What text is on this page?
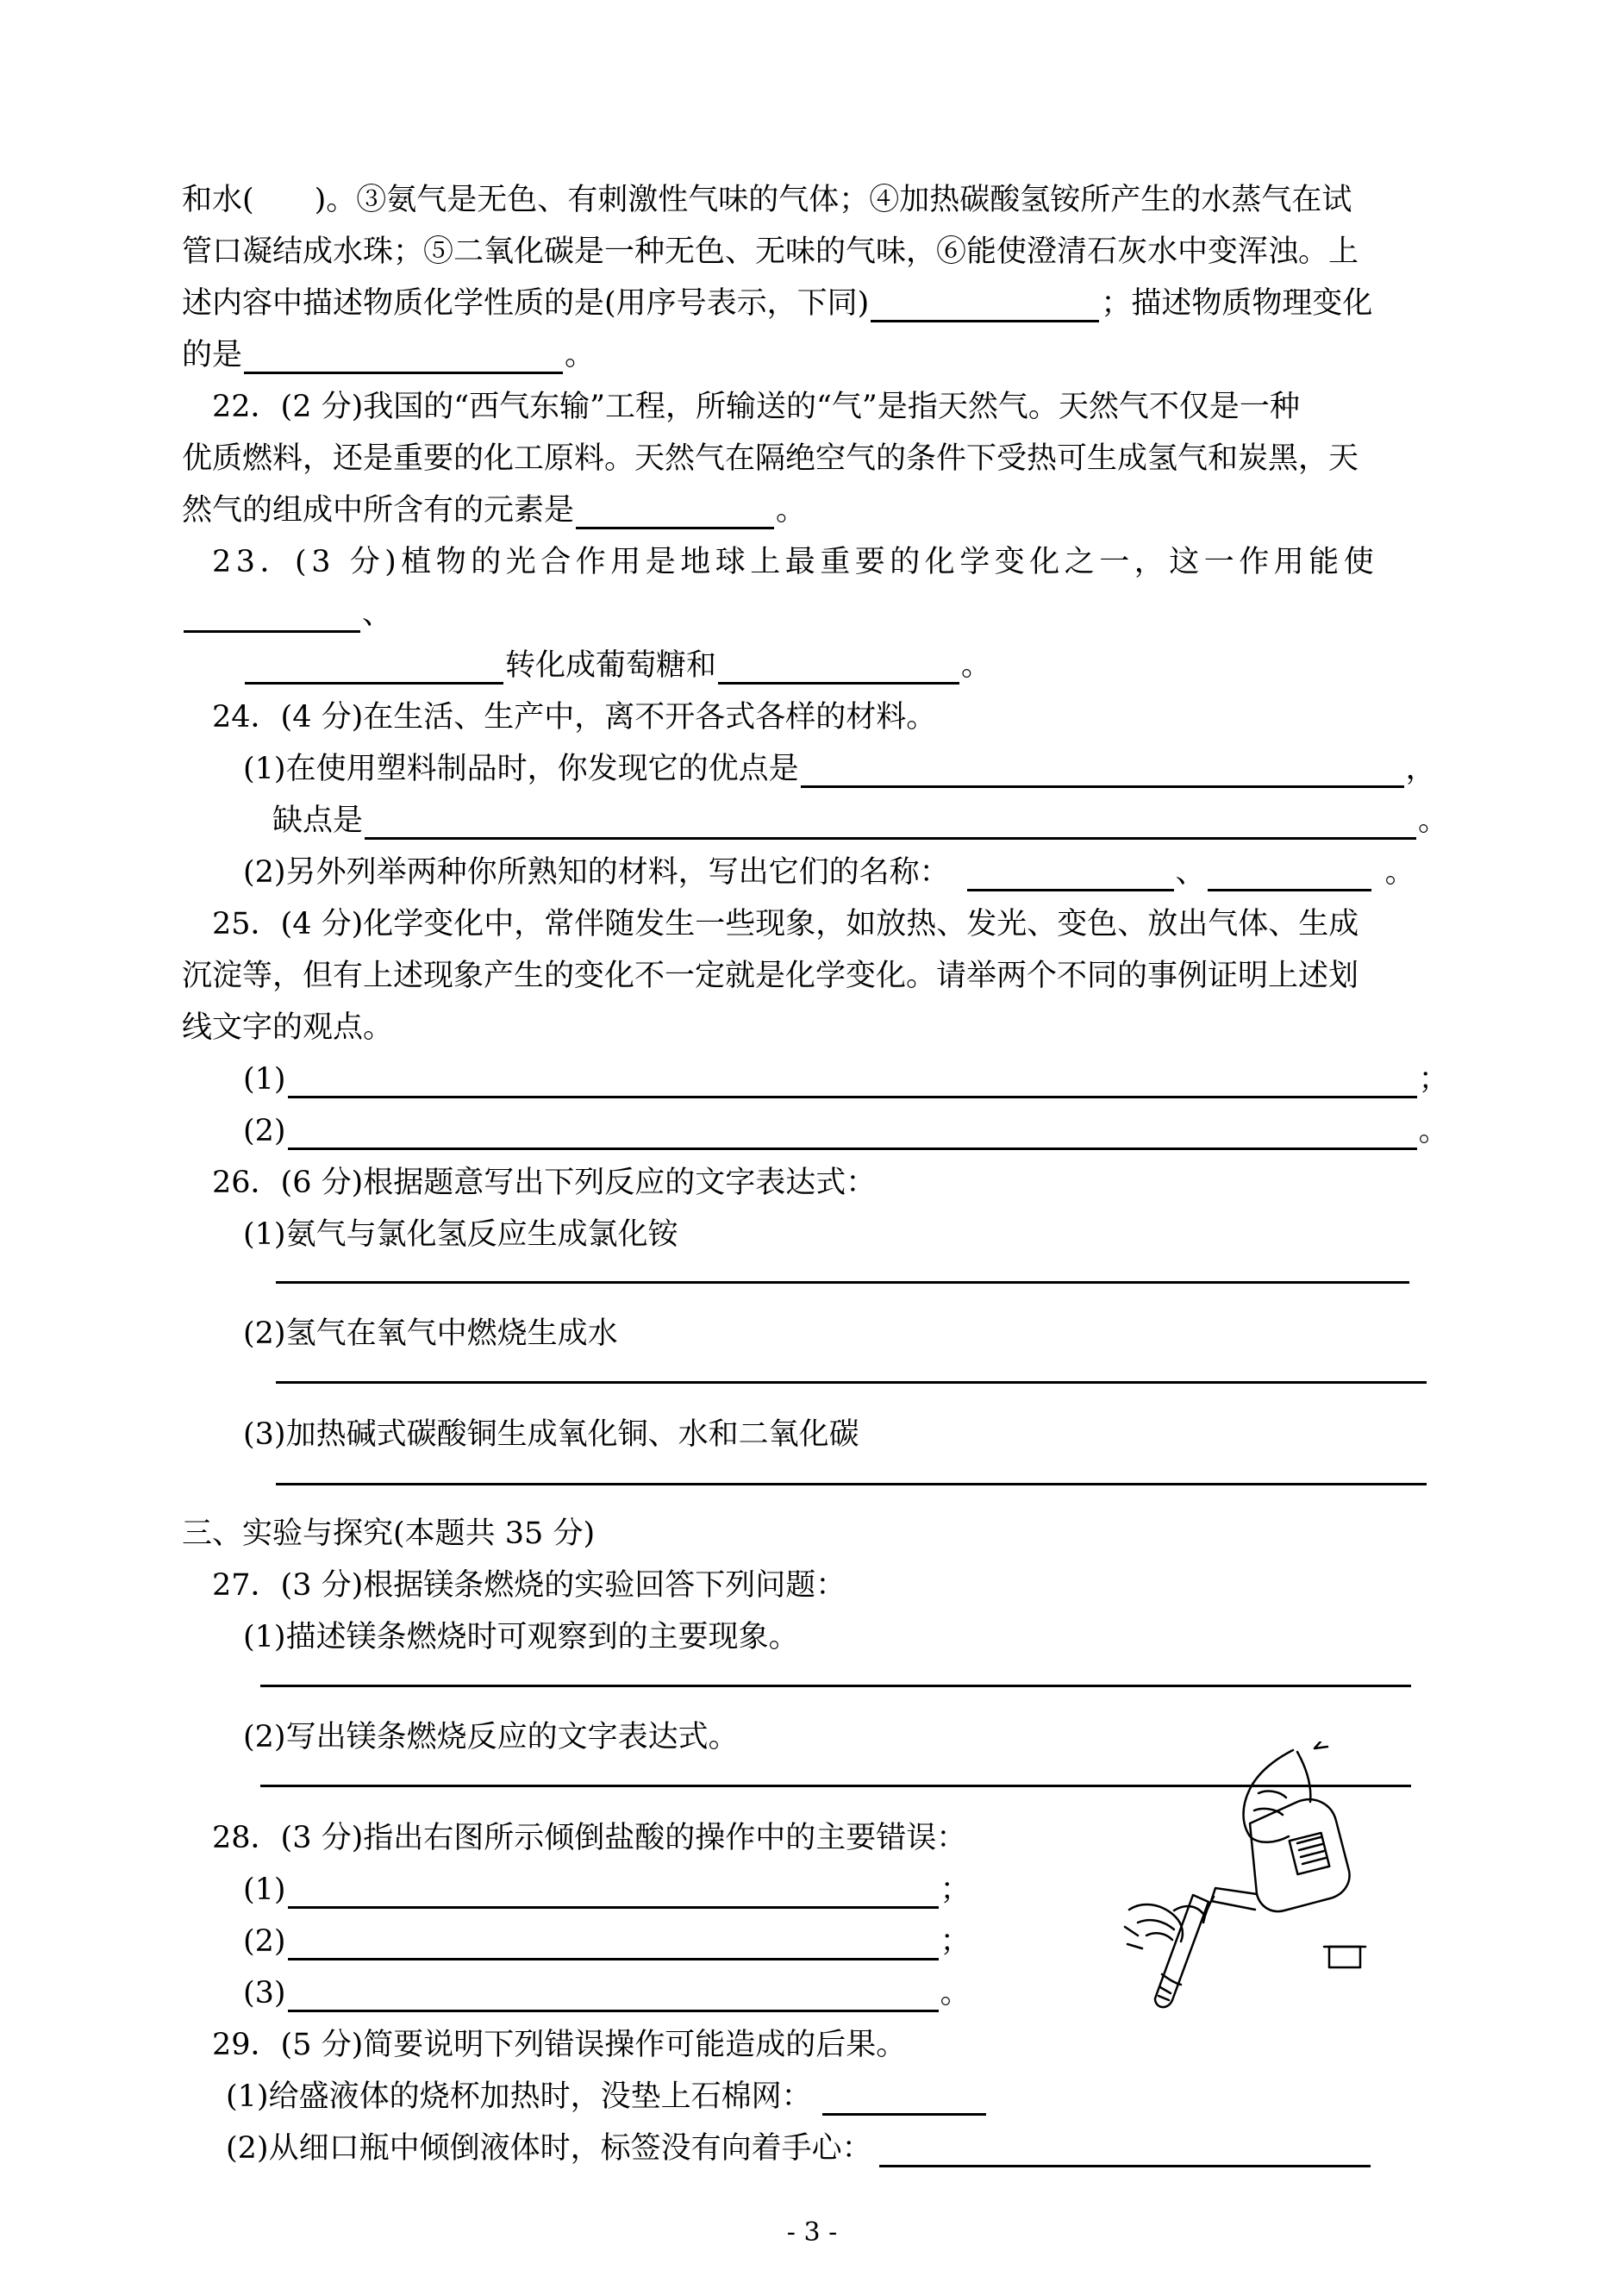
和水(　　)。③氨气是无色、有刺激性气味的气体；④加热碳酸氢铵所产生的水蒸气在试
管口凝结成水珠；⑤二氧化碳是一种无色、无味的气味，⑥能使澄清石灰水中变浑浊。上
述内容中描述物质化学性质的是(用序号表示，下同)	；描述物质物理变化
的是	。
22．(2 分)我国的“西气东输”工程，所输送的“气”是指天然气。天然气不仅是一种
优质燃料，还是重要的化工原料。天然气在隔绝空气的条件下受热可生成氢气和炭黑，天
然气的组成中所含有的元素是	。
23．(3 分)植物的光合作用是地球上最重要的化学变化之一，这一作用能使
、
转化成葡萄糖和	。
24．(4 分)在生活、生产中，离不开各式各样的材料。
(1)在使用塑料制品时，你发现它的优点是	，
缺点是	。
(2)另外列举两种你所熟知的材料，写出它们的名称：	、	。
25．(4 分)化学变化中，常伴随发生一些现象，如放热、发光、变色、放出气体、生成
沉淀等，但有上述现象产生的变化不一定就是化学变化。请举两个不同的事例证明上述划
线文字的观点。
(1)	；
(2)	。
26．(6 分)根据题意写出下列反应的文字表达式：
(1)氨气与氯化氢反应生成氯化铵
(2)氢气在氧气中燃烧生成水
(3)加热碱式碳酸铜生成氧化铜、水和二氧化碳
三、实验与探究(本题共 35 分)
27．(3 分)根据镁条燃烧的实验回答下列问题：
(1)描述镁条燃烧时可观察到的主要现象。
(2)写出镁条燃烧反应的文字表达式。
28．(3 分)指出右图所示倾倒盐酸的操作中的主要错误：
(1)	；
(2)	；
(3)	。
29．(5 分)简要说明下列错误操作可能造成的后果。
(1)给盛液体的烧杯加热时，没垫上石棉网：
(2)从细口瓶中倾倒液体时，标签没有向着手心：
- 3 -
